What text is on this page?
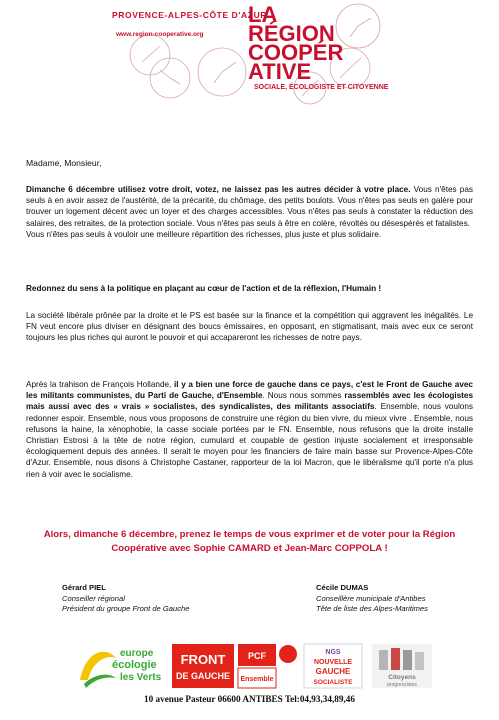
PROVENCE-ALPES-CÔTE D'AZUR
www.region-cooperative.org
LA
RÉGION
COOPÉR
ATIVE
SOCIALE, ÉCOLOGISTE ET CITOYENNE
Madame, Monsieur,
Dimanche 6 décembre utilisez votre droit, votez, ne laissez pas les autres décider à votre place. Vous n'êtes pas seuls à en avoir assez de l'austérité, de la précarité, du chômage, des petits boulots. Vous n'êtes pas seuls en galère pour trouver un logement décent avec un loyer et des charges accessibles. Vous n'êtes pas seuls à constater la réduction des salaires, des retraites, de la protection sociale. Vous n'êtes pas seuls à être en colère, révoltés ou désespérés et fatalistes.
Vous n'êtes pas seuls à vouloir une meilleure répartition des richesses, plus juste et plus solidaire.
Redonnez du sens à la politique en plaçant au cœur de l'action et de la réflexion, l'Humain !
La société libérale prônée par la droite et le PS est basée sur la finance et la compétition qui aggravent les inégalités. Le FN veut encore plus diviser en désignant des boucs émissaires, en opposant, en stigmatisant, mais avec eux ce seront toujours les plus riches qui auront le pouvoir et qui accapareront les richesses de notre pays.
Après la trahison de François Hollande, il y a bien une force de gauche dans ce pays, c'est le Front de Gauche avec les militants communistes, du Parti de Gauche, d'Ensemble. Nous nous sommes rassemblés avec les écologistes mais aussi avec des « vrais » socialistes, des syndicalistes, des militants associatifs. Ensemble, nous voulons redonner espoir. Ensemble, nous vous proposons de construire une région du bien vivre, du mieux vivre . Ensemble, nous refusons la haine, la xénophobie, la casse sociale portées par le FN. Ensemble, nous refusons que la droite installe Christian Estrosi à la tête de notre région, cumulard et coupable de gestion injuste socialement et irresponsable écologiquement depuis des années. Il serait le moyen pour les financiers de faire main basse sur Provence-Alpes-Côte d'Azur. Ensemble, nous disons à Christophe Castaner, rapporteur de la loi Macron, que le libéralisme qu'il porte n'a plus rien à voir avec le socialisme.
Alors, dimanche 6 décembre, prenez le temps de vous exprimer et de voter pour la Région Coopérative avec Sophie CAMARD et Jean-Marc COPPOLA !
Gérard PIEL
Conseiller régional
Président du groupe Front de Gauche
Cécile DUMAS
Conseillère municipale d'Antibes
Tête de liste des Alpes-Maritimes
europe
écologie
les Verts
FRONT
DE GAUCHE
PCF
Ensemble
NGS
NOUVELLE
GAUCHE
SOCIALISTE
Citoyens
progressistes
10 avenue Pasteur 06600 ANTIBES Tel:04,93,34,89,46
